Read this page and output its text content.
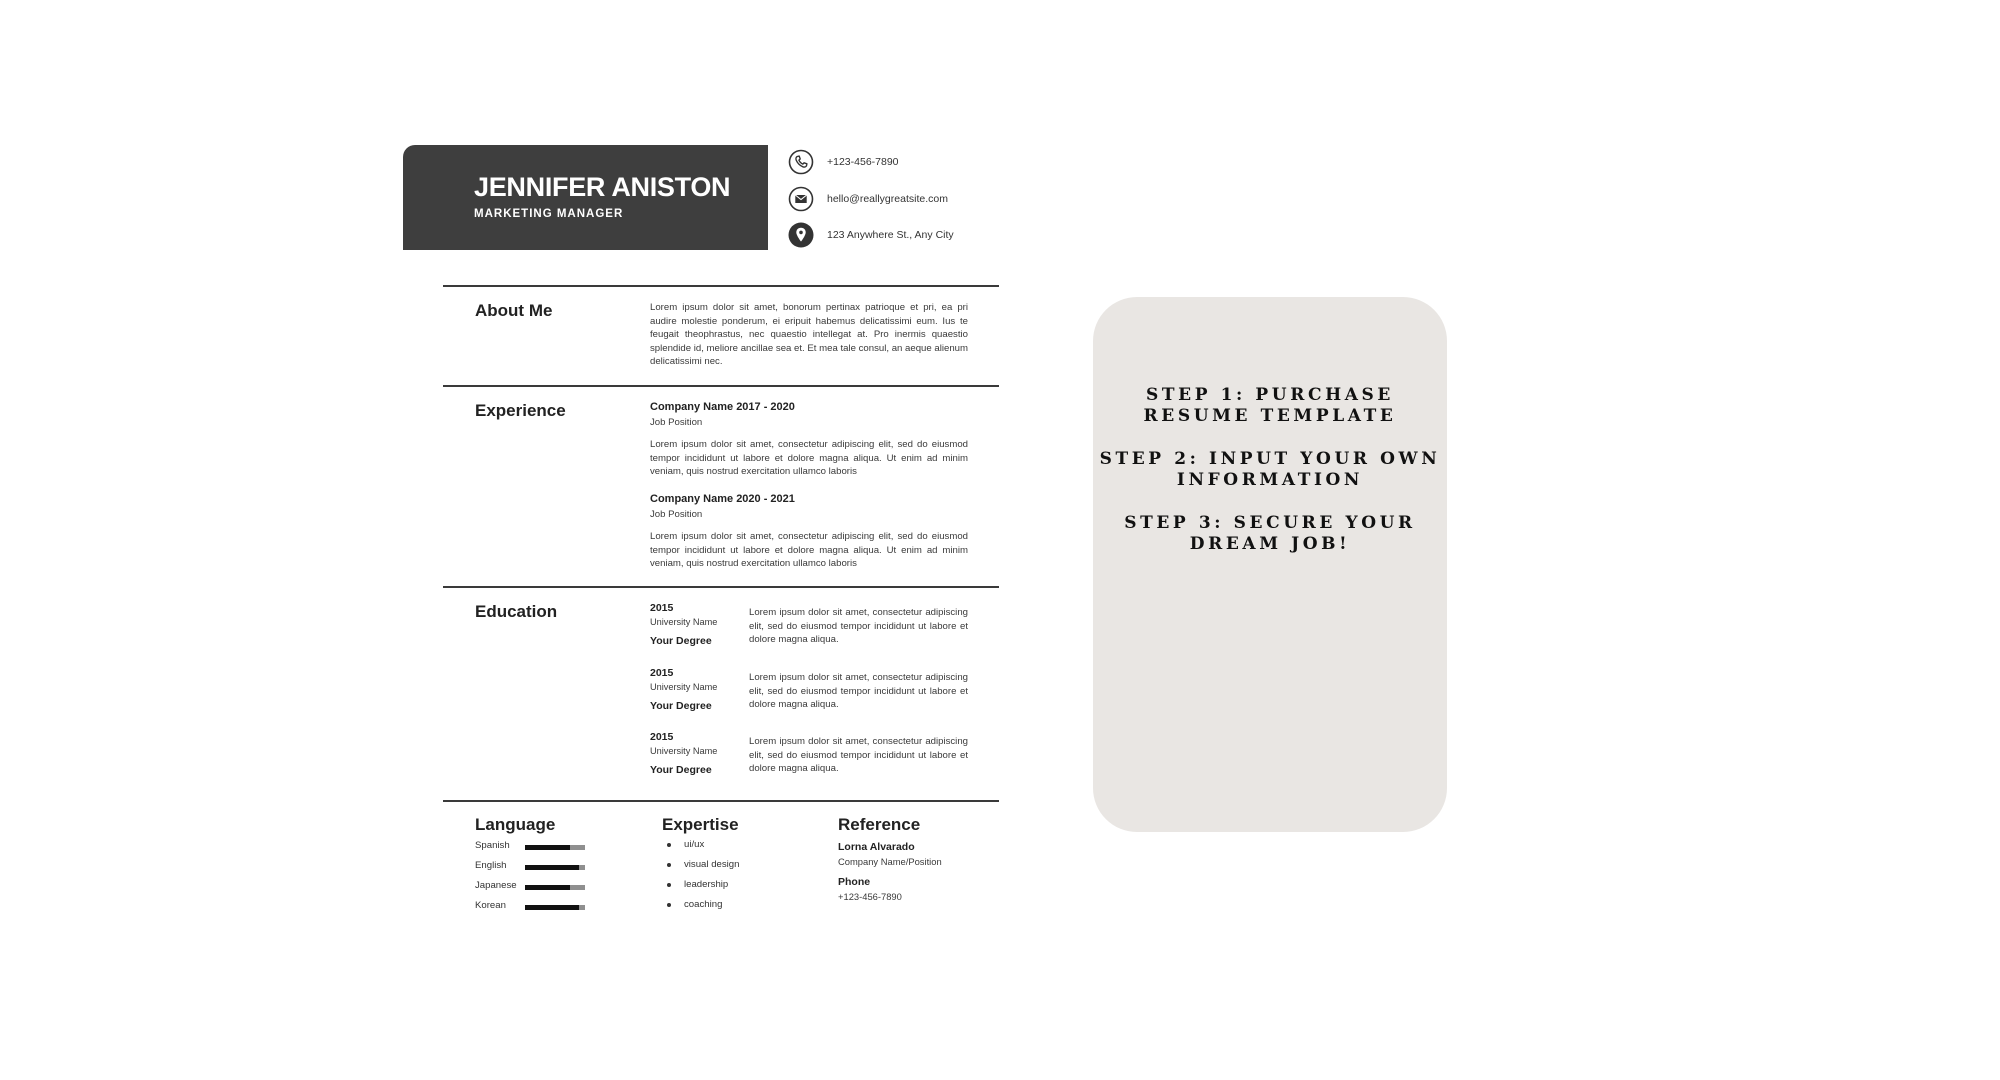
JENNIFER ANISTON
MARKETING MANAGER
+123-456-7890
hello@reallygreatsite.com
123 Anywhere St., Any City
About Me	Lorem ipsum dolor sit amet, bonorum pertinax patrioque et pri, ea pri audire molestie ponderum, ei eripuit habemus delicatissimi eum. Ius te feugait theophrastus, nec quaestio intellegat at. Pro inermis quaestio splendide id, meliore ancillae sea et. Et mea tale consul, an aeque alienum delicatissimi nec.
Experience	Company Name 2017 - 2020
Job Position
Lorem ipsum dolor sit amet, consectetur adipiscing elit, sed do eiusmod tempor incididunt ut labore et dolore magna aliqua. Ut enim ad minim veniam, quis nostrud exercitation ullamco laboris
Company Name 2020 - 2021
Job Position
Lorem ipsum dolor sit amet, consectetur adipiscing elit, sed do eiusmod tempor incididunt ut labore et dolore magna aliqua. Ut enim ad minim veniam, quis nostrud exercitation ullamco laboris
Education	2015
University Name
Your Degree
Lorem ipsum dolor sit amet, consectetur adipiscing elit, sed do eiusmod tempor incididunt ut labore et dolore magna aliqua.
2015
University Name
Your Degree
Lorem ipsum dolor sit amet, consectetur adipiscing elit, sed do eiusmod tempor incididunt ut labore et dolore magna aliqua.
2015
University Name
Your Degree
Lorem ipsum dolor sit amet, consectetur adipiscing elit, sed do eiusmod tempor incididunt ut labore et dolore magna aliqua.
Language
Spanish
English
Japanese
Korean
Expertise
ui/ux
visual design
leadership
coaching
Reference
Lorna Alvarado
Company Name/Position
Phone
+123-456-7890
STEP 1: PURCHASE RESUME TEMPLATE
STEP 2: INPUT YOUR OWN INFORMATION
STEP 3: SECURE YOUR DREAM JOB!
